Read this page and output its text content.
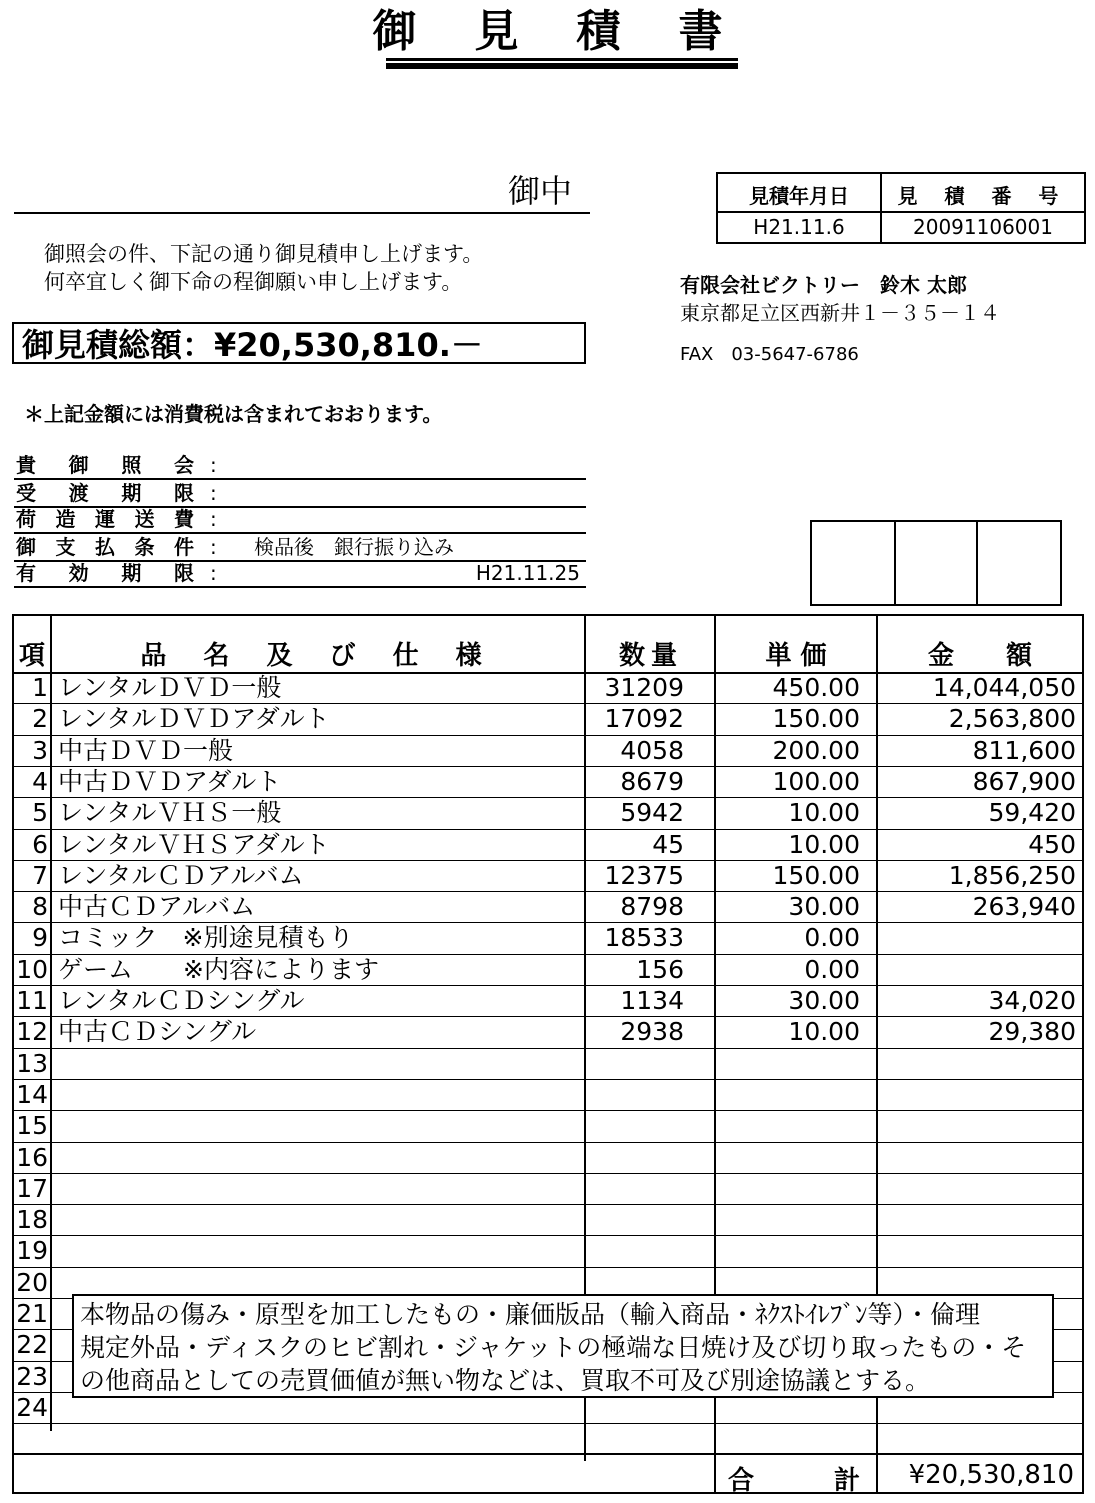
御見積書
御中	見積年月日	見 積 番 号
H21.11.6	20091106001
御照会の件、下記の通り御見積申し上げます。
何卒宜しく御下命の程御願い申し上げます。	有限会社ビクトリー　鈴木 太郎
東京都足立区西新井１－３５－１４
FAX　03-5647-6786
御見積総額：¥20,530,810.－
＊上記金額には消費税は含まれておおります。
貴 御 照 会 :
受 渡 期 限 :
荷 造 運 送 費 :
御 支 払 条 件 : 検品後　銀行振り込み
有 効 期 限 :	H21.11.25
項	品 名 及 び 仕 様	数量	単 価	金　　額
1 レンタルＤＶＤ一般	31209	450.00	14,044,050
2 レンタルＤＶＤアダルト	17092	150.00	2,563,800
3 中古ＤＶＤ一般	4058	200.00	811,600
4 中古ＤＶＤアダルト	8679	100.00	867,900
5 レンタルＶＨＳ一般	5942	10.00	59,420
6 レンタルＶＨＳアダルト	45	10.00	450
7 レンタルＣＤアルバム	12375	150.00	1,856,250
8 中古ＣＤアルバム	8798	30.00	263,940
9 コミック　※別途見積もり	18533	0.00
10 ゲーム　　※内容によります	156	0.00
11 レンタルＣＤシングル	1134	30.00	34,020
12 中古ＣＤシングル	2938	10.00	29,380
13
14
15
16
17
18
19
20
21
22
23
24
本物品の傷み・原型を加工したもの・廉価版品（輸入商品・ﾈｸｽﾄｲﾚﾌﾞﾝ等）・倫理
規定外品・ディスクのヒビ割れ・ジャケットの極端な日焼け及び切り取ったもの・そ
の他商品としての売買価値が無い物などは、買取不可及び別途協議とする。
合	計	¥20,530,810
